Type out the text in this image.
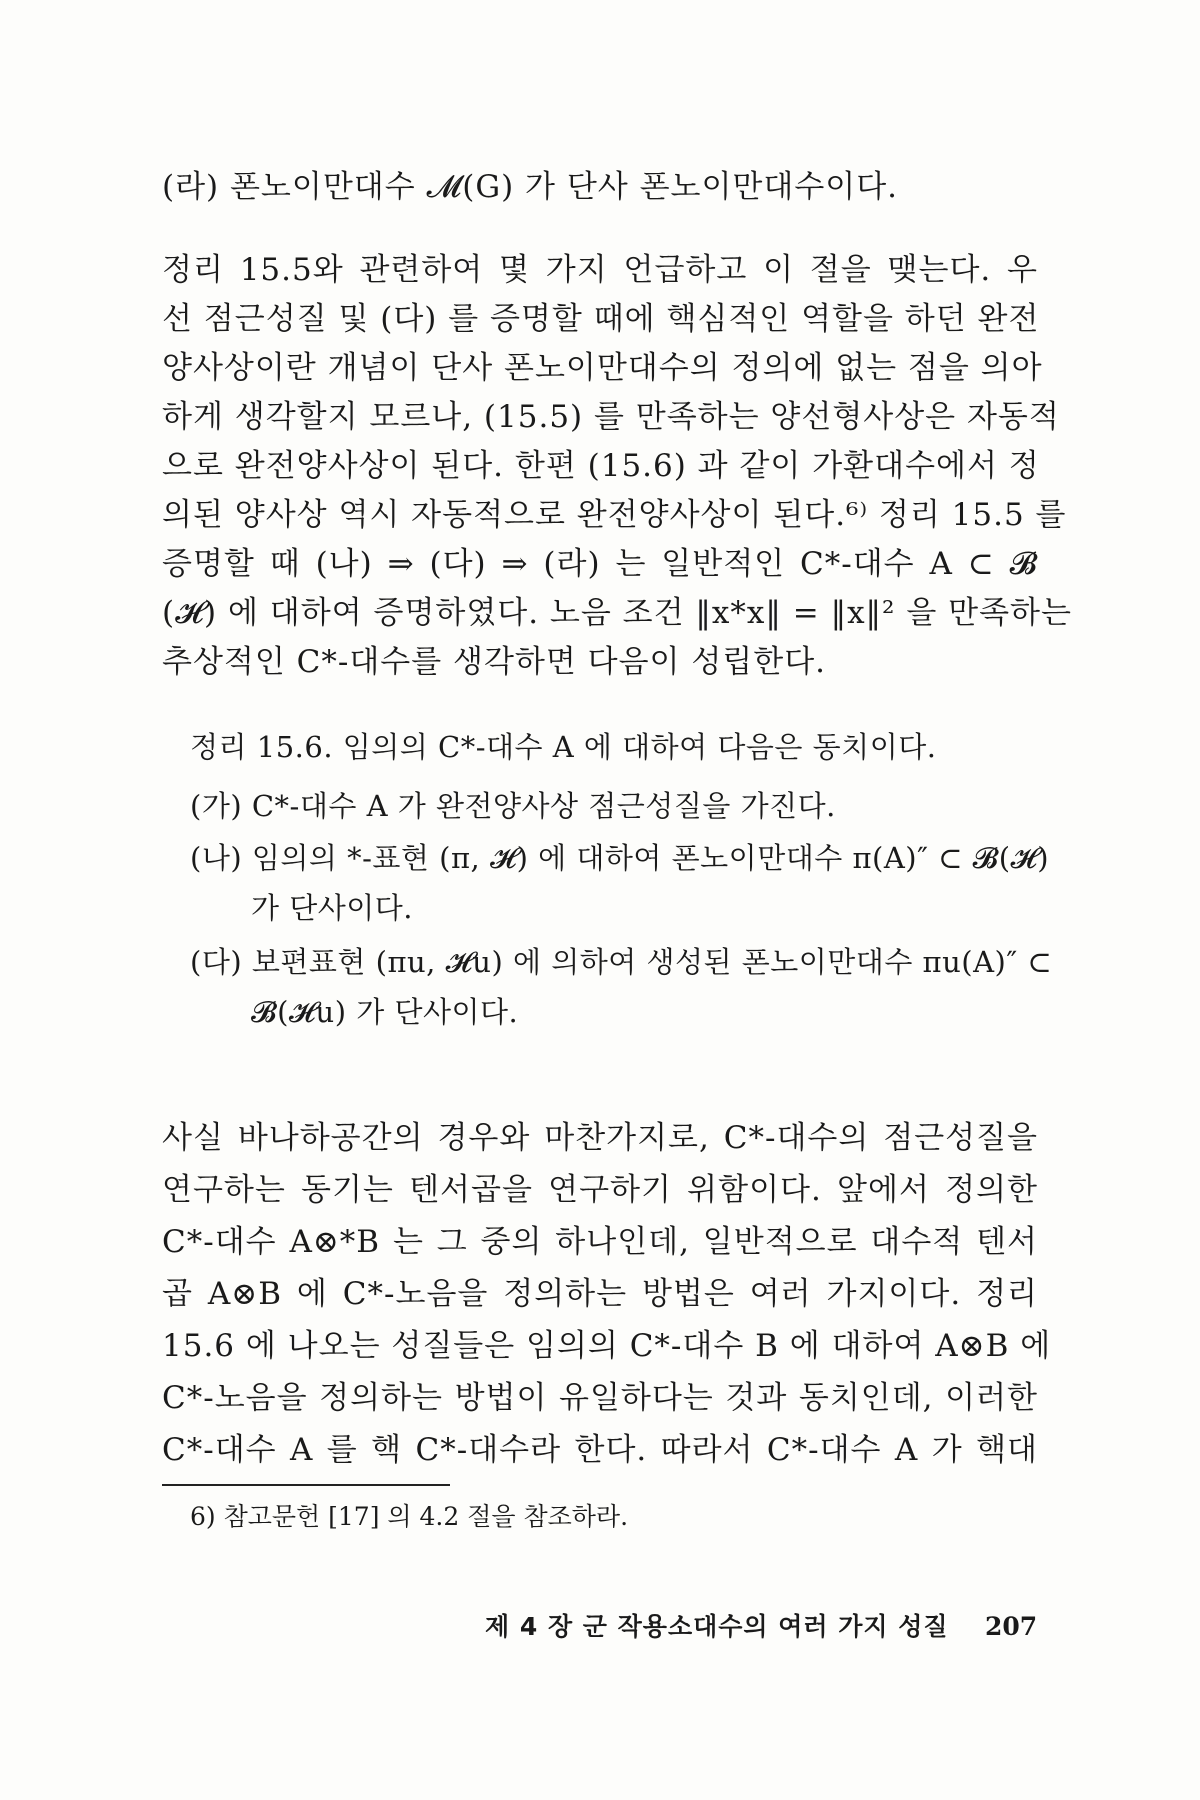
(라) 폰노이만대수 𝓜(G) 가 단사 폰노이만대수이다.
정리 15.5와 관련하여 몇 가지 언급하고 이 절을 맺는다. 우
선 점근성질 및 (다) 를 증명할 때에 핵심적인 역할을 하던 완전
양사상이란 개념이 단사 폰노이만대수의 정의에 없는 점을 의아
하게 생각할지 모르나, (15.5) 를 만족하는 양선형사상은 자동적
으로 완전양사상이 된다. 한편 (15.6) 과 같이 가환대수에서 정
의된 양사상 역시 자동적으로 완전양사상이 된다.⁶⁾ 정리 15.5 를
증명할 때 (나) ⇒ (다) ⇒ (라) 는 일반적인 C*-대수 A ⊂ 𝓑
(𝓗) 에 대하여 증명하였다. 노음 조건 ‖x*x‖ = ‖x‖² 을 만족하는
추상적인 C*-대수를 생각하면 다음이 성립한다.
정리 15.6. 임의의 C*-대수 A 에 대하여 다음은 동치이다.
(가) C*-대수 A 가 완전양사상 점근성질을 가진다.
(나) 임의의 *-표현 (π, 𝓗) 에 대하여 폰노이만대수 π(A)″ ⊂ 𝓑(𝓗)
가 단사이다.
(다) 보편표현 (πu, 𝓗u) 에 의하여 생성된 폰노이만대수 πu(A)″ ⊂
𝓑(𝓗u) 가 단사이다.
사실 바나하공간의 경우와 마찬가지로, C*-대수의 점근성질을
연구하는 동기는 텐서곱을 연구하기 위함이다. 앞에서 정의한
C*-대수 A⊗*B 는 그 중의 하나인데, 일반적으로 대수적 텐서
곱 A⊗B 에 C*-노음을 정의하는 방법은 여러 가지이다. 정리
15.6 에 나오는 성질들은 임의의 C*-대수 B 에 대하여 A⊗B 에
C*-노음을 정의하는 방법이 유일하다는 것과 동치인데, 이러한
C*-대수 A 를 핵 C*-대수라 한다. 따라서 C*-대수 A 가 핵대
6) 참고문헌 [17] 의 4.2 절을 참조하라.
제 4 장 군 작용소대수의 여러 가지 성질 207
